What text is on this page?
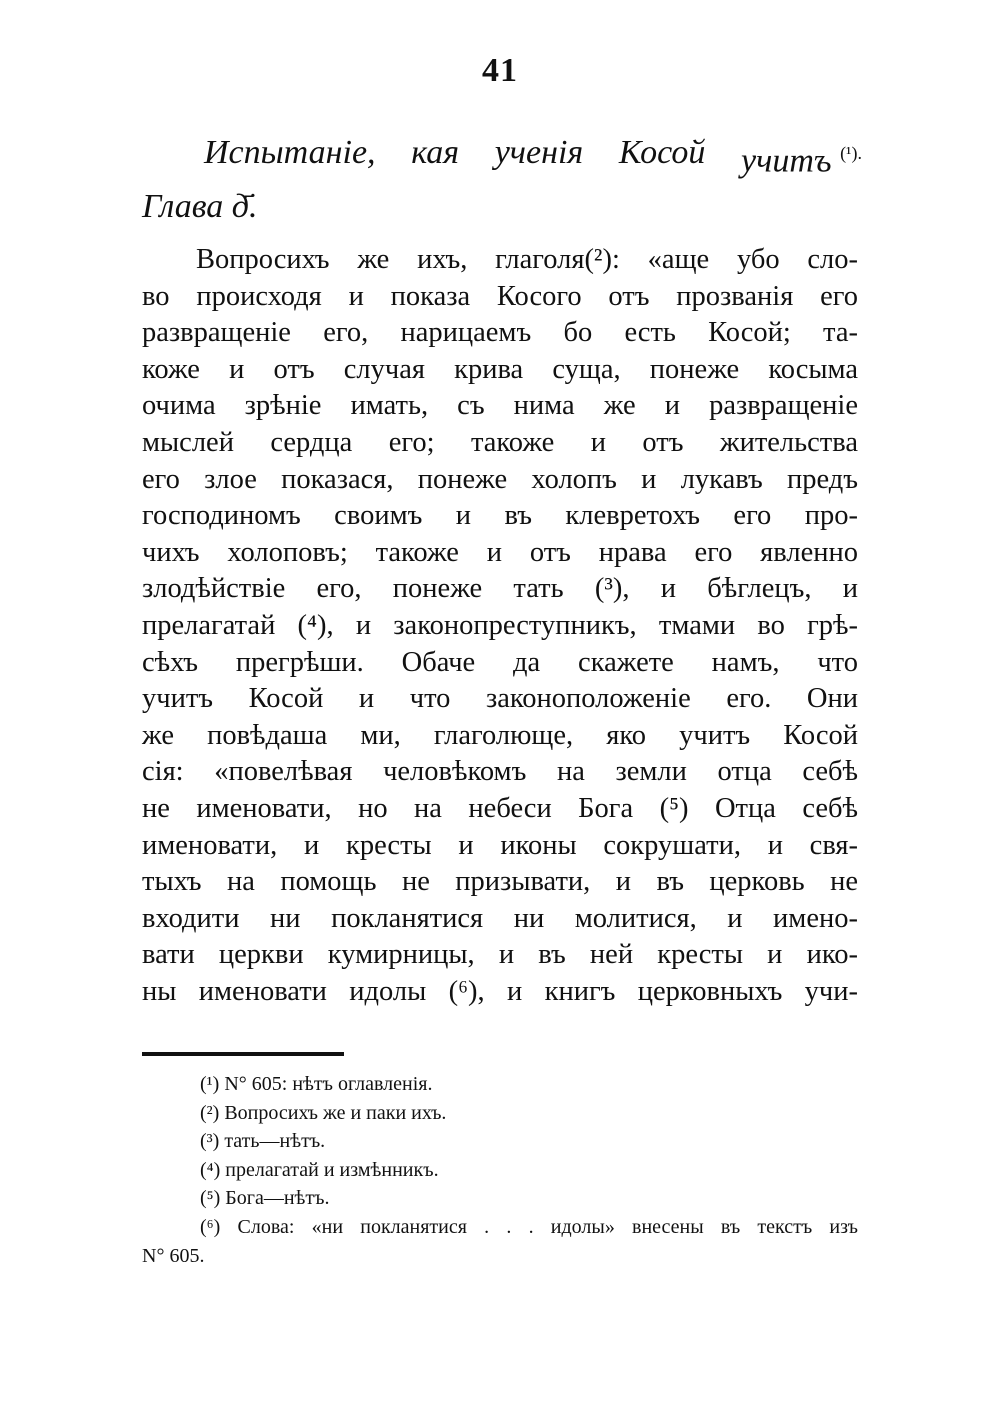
41
Испытаніе, кая ученія Косой учитъ $^{(^1).}$
Глава д҃.
Вопросихъ же ихъ, глаголя(²): «аще убо сло-
во происходя и показа Косого отъ прозванія его
развращеніе его, нарицаемъ бо есть Косой; та-
коже и отъ случая крива суща, понеже косыма
очима зрѣніе имать, съ нима же и развращеніе
мыслей сердца его; такоже и отъ жительства
его злое показася, понеже холопъ и лукавъ предъ
господиномъ своимъ и въ клевретохъ его про-
чихъ холоповъ; такоже и отъ нрава его явленно
злодѣйствіе его, понеже тать (³), и бѣглецъ, и
прелагатай (⁴), и законопреступникъ, тмами во грѣ-
сѣхъ прегрѣши. Обаче да скажете намъ, что
учитъ Косой и что законоположеніе его. Они
же повѣдаша ми, глаголюще, яко учитъ Косой
сія: «повелѣвая человѣкомъ на земли отца себѣ
не именовати, но на небеси Бога (⁵) Отца себѣ
именовати, и кресты и иконы сокрушати, и свя-
тыхъ на помощь не призывати, и въ церковь не
входити ни покланятися ни молитися, и имено-
вати церкви кумирницы, и въ ней кресты и ико-
ны именовати идолы (⁶), и книгъ церковныхъ учи-
(¹) N° 605: нѣтъ оглавленія.
(²) Вопросихъ же и паки ихъ.
(³) тать—нѣтъ.
(⁴) прелагатай и измѣнникъ.
(⁵) Бога—нѣтъ.
(⁶) Слова: «ни покланятися . . . идолы» внесены въ текстъ изъ
N° 605.
